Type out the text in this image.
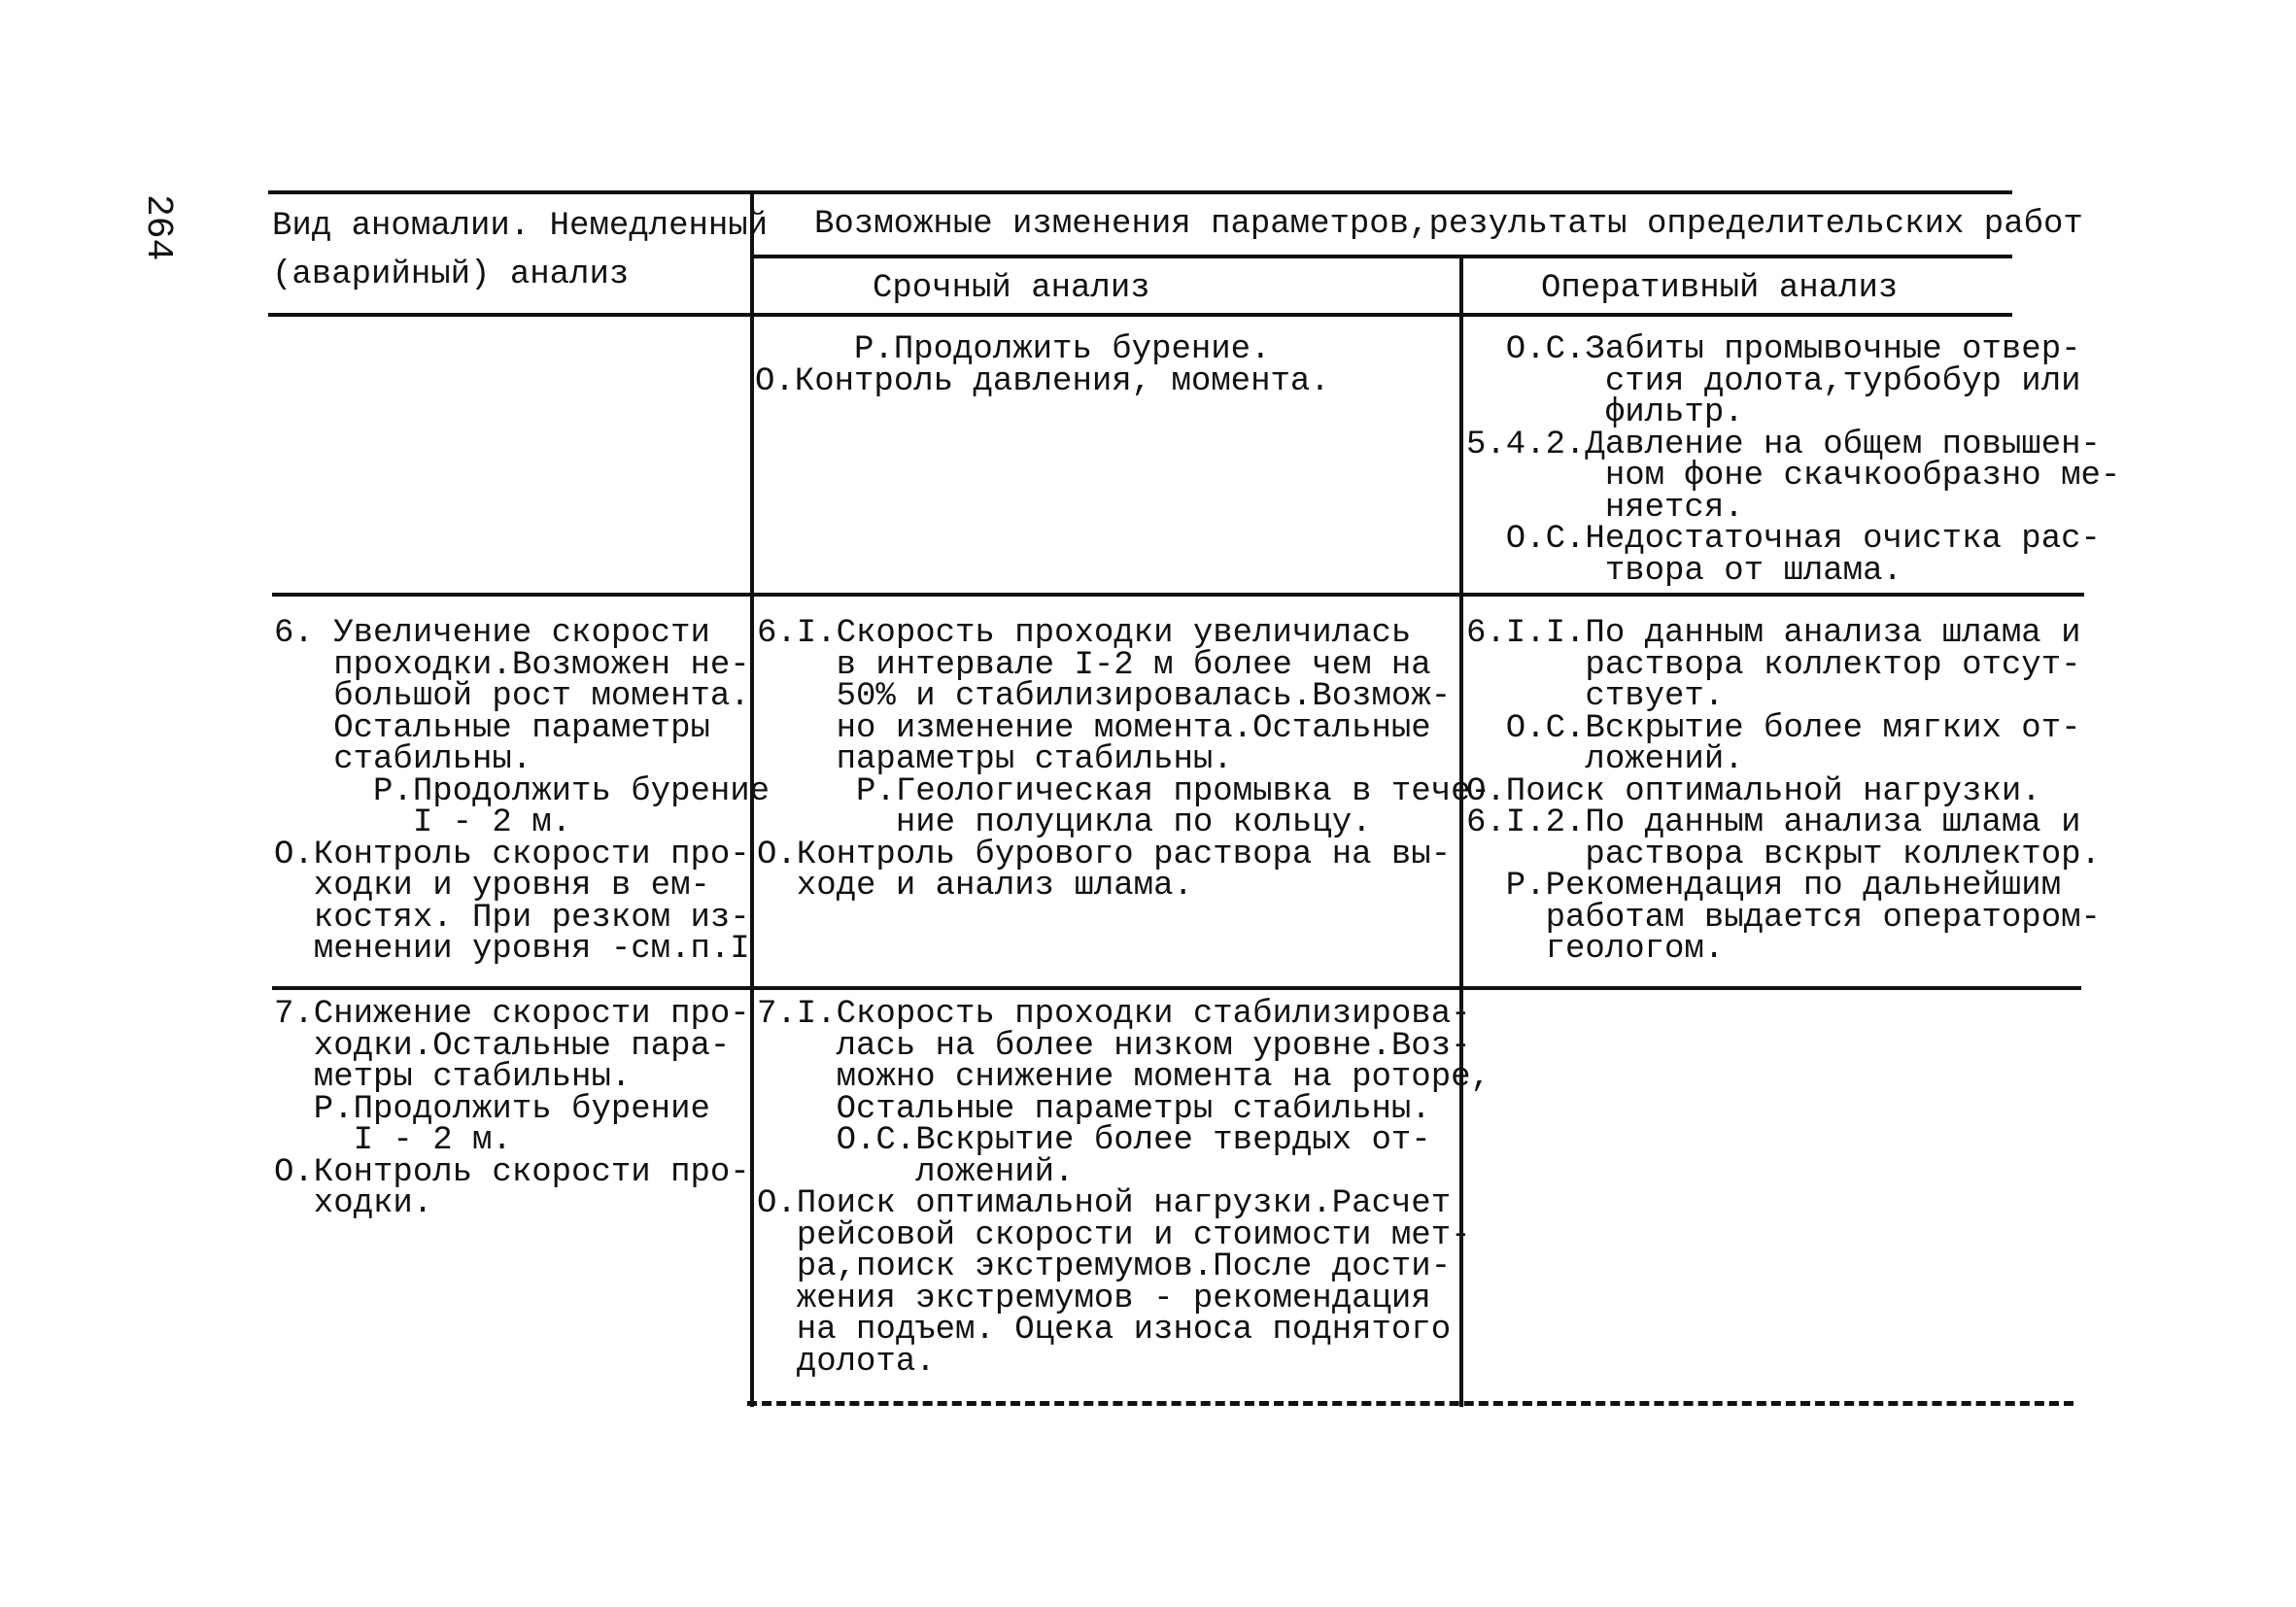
264	Вид аномалии. Немедленный
(аварийный) анализ
Возможные изменения параметров,результаты определительских работ
Срочный анализ	Оперативный анализ
Р.Продолжить бурение.
О.Контроль давления, момента.
О.С.Забиты промывочные отвер-
стия долота,турбобур или
фильтр.
5.4.2.Давление на общем повышен-
ном фоне скачкообразно ме-
няется.
О.С.Недостаточная очистка рас-
твора от шлама.
6. Увеличение скорости
проходки.Возможен не-
большой рост момента.
Остальные параметры
стабильны.
Р.Продолжить бурение
I - 2 м.
О.Контроль скорости про-
ходки и уровня в ем-
костях. При резком из-
менении уровня -см.п.I
6.I.Скорость проходки увеличилась
в интервале I-2 м более чем на
50% и стабилизировалась.Возмож-
но изменение момента.Остальные
параметры стабильны.
Р.Геологическая промывка в тече-
ние полуцикла по кольцу.
О.Контроль бурового раствора на вы-
ходе и анализ шлама.
6.I.I.По данным анализа шлама и
раствора коллектор отсут-
ствует.
О.С.Вскрытие более мягких от-
ложений.
О.Поиск оптимальной нагрузки.
6.I.2.По данным анализа шлама и
раствора вскрыт коллектор.
Р.Рекомендация по дальнейшим
работам выдается оператором-
геологом.
7.Снижение скорости про-
ходки.Остальные пара-
метры стабильны.
Р.Продолжить бурение
I - 2 м.
О.Контроль скорости про-
ходки.
7.I.Скорость проходки стабилизирова-
лась на более низком уровне.Воз-
можно снижение момента на роторе,
Остальные параметры стабильны.
О.С.Вскрытие более твердых от-
ложений.
О.Поиск оптимальной нагрузки.Расчет
рейсовой скорости и стоимости мет-
ра,поиск экстремумов.После дости-
жения экстремумов - рекомендация
на подъем. Оцека износа поднятого
долота.
